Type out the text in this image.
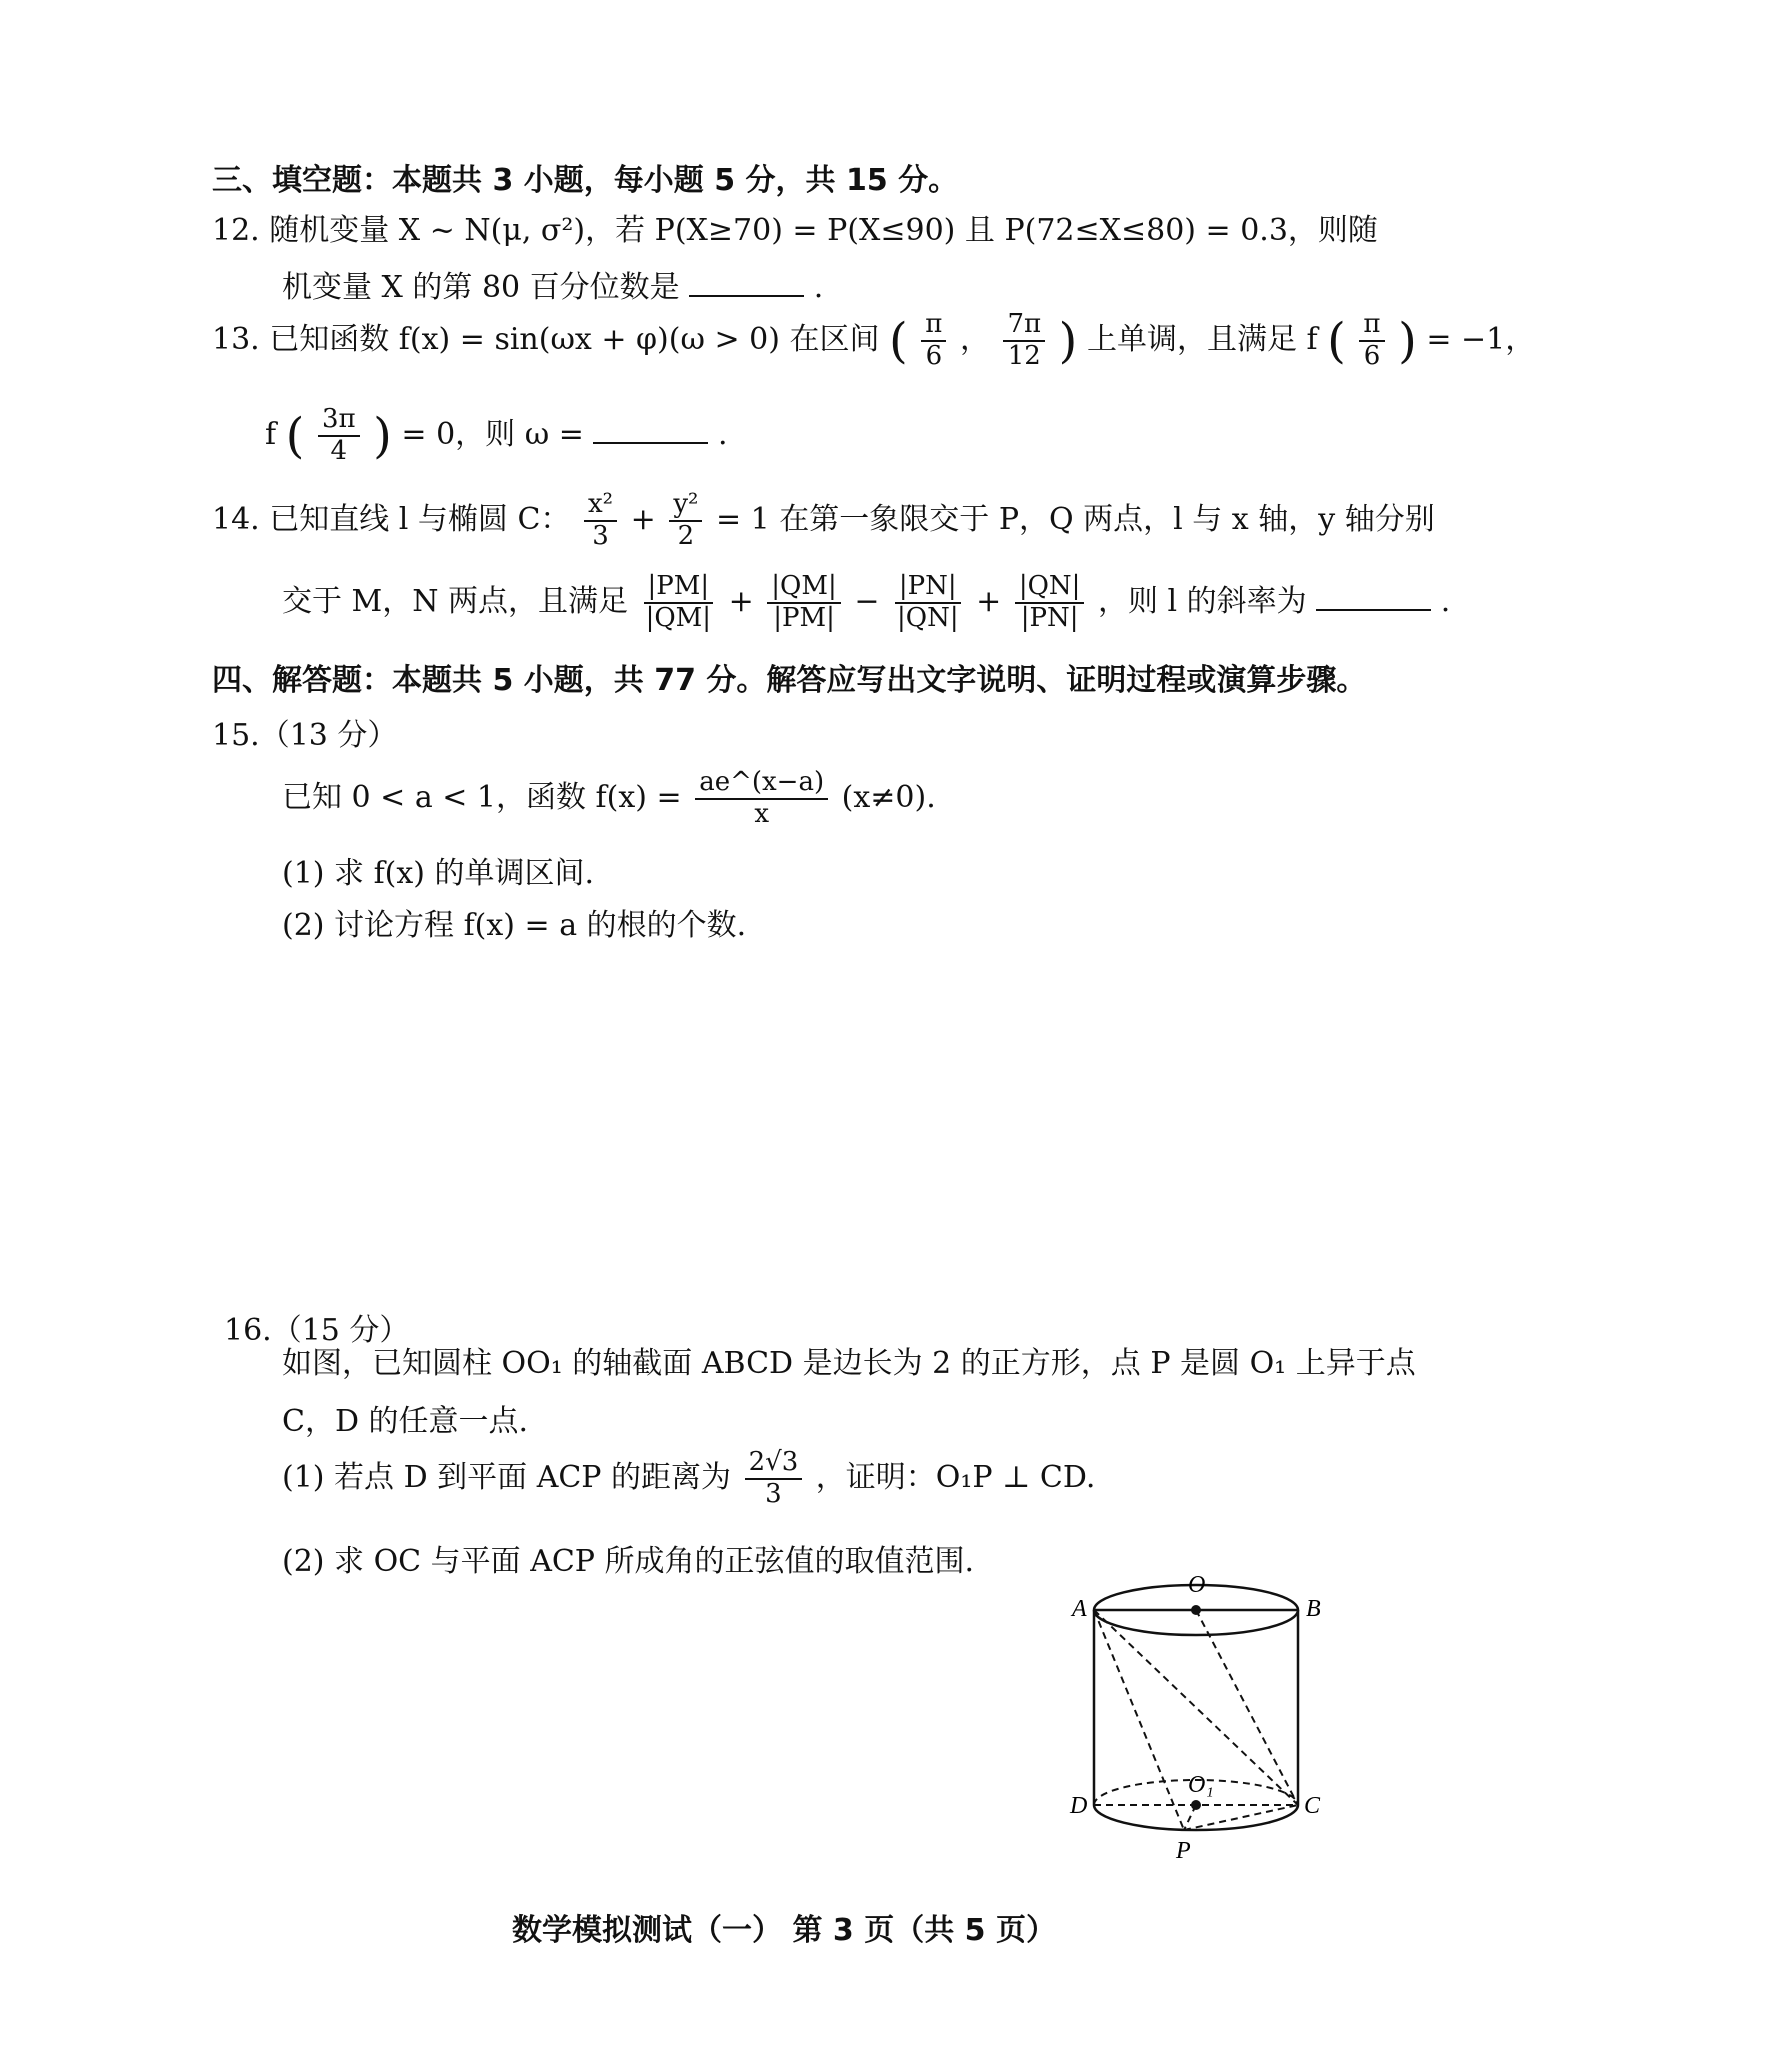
三、填空题：本题共 3 小题，每小题 5 分，共 15 分。
12. 随机变量 X ~ N(μ, σ²)，若 P(X≥70) = P(X≤90) 且 P(72≤X≤80) = 0.3，则随
机变量 X 的第 80 百分位数是	.
13. 已知函数 f(x) = sin(ωx + φ)(ω > 0) 在区间 ( $\frac{\pi}{6}$ ， $\frac{7\pi}{12}$ ) 上单调，且满足 f ( $\frac{\pi}{6}$ ) = −1，
f ( $\frac{3\pi}{4}$ ) = 0，则 ω =	.
14. 已知直线 l 与椭圆 C： $\frac{\text{x²}}{3} + \frac{\text{y²}}{2} = 1$ 在第一象限交于 P，Q 两点，l 与 x 轴，y 轴分别
交于 M，N 两点，且满足 $\frac{|PM|}{|QM|} + \frac{|QM|}{|PM|} - \frac{|PN|}{|QN|} + \frac{|QN|}{|PN|}$ ，则 l 的斜率为	.
四、解答题：本题共 5 小题，共 77 分。解答应写出文字说明、证明过程或演算步骤。
15.（13 分）
已知 0 < a < 1，函数 $f(x) = \frac{ae\^{}(x-a)}{x} (x\ne 0)$.
(1) 求 f(x) 的单调区间.
(2) 讨论方程 f(x) = a 的根的个数.
16.（15 分）
如图，已知圆柱 OO₁ 的轴截面 ABCD 是边长为 2 的正方形，点 P 是圆 O₁ 上异于点
C，D 的任意一点.
(1) 若点 D 到平面 ACP 的距离为 $\frac{2√3}{3}$ ，证明：O₁P ⊥ CD.
(2) 求 OC 与平面 ACP 所成角的正弦值的取值范围.
A
O
B
D
O₁
C
P
数学模拟测试（一） 第 3 页（共 5 页）
